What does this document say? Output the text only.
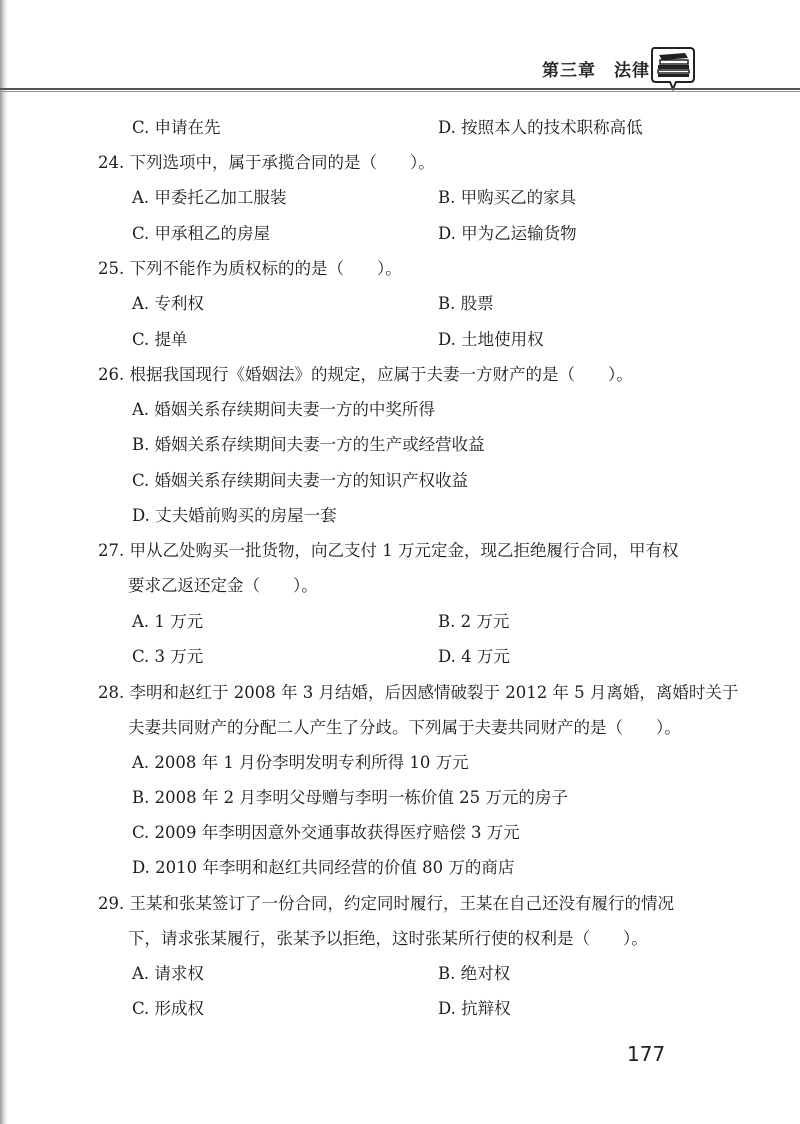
第三章　法律
C. 申请在先	D. 按照本人的技术职称高低
24. 下列选项中，属于承揽合同的是（　　）。
A. 甲委托乙加工服装	B. 甲购买乙的家具
C. 甲承租乙的房屋	D. 甲为乙运输货物
25. 下列不能作为质权标的的是（　　）。
A. 专利权	B. 股票
C. 提单	D. 土地使用权
26. 根据我国现行《婚姻法》的规定，应属于夫妻一方财产的是（　　）。
A. 婚姻关系存续期间夫妻一方的中奖所得
B. 婚姻关系存续期间夫妻一方的生产或经营收益
C. 婚姻关系存续期间夫妻一方的知识产权收益
D. 丈夫婚前购买的房屋一套
27. 甲从乙处购买一批货物，向乙支付 1 万元定金，现乙拒绝履行合同，甲有权
要求乙返还定金（　　）。
A. 1 万元	B. 2 万元
C. 3 万元	D. 4 万元
28. 李明和赵红于 2008 年 3 月结婚，后因感情破裂于 2012 年 5 月离婚，离婚时关于
夫妻共同财产的分配二人产生了分歧。下列属于夫妻共同财产的是（　　）。
A. 2008 年 1 月份李明发明专利所得 10 万元
B. 2008 年 2 月李明父母赠与李明一栋价值 25 万元的房子
C. 2009 年李明因意外交通事故获得医疗赔偿 3 万元
D. 2010 年李明和赵红共同经营的价值 80 万的商店
29. 王某和张某签订了一份合同，约定同时履行，王某在自己还没有履行的情况
下，请求张某履行，张某予以拒绝，这时张某所行使的权利是（　　）。
A. 请求权	B. 绝对权
C. 形成权	D. 抗辩权
177
